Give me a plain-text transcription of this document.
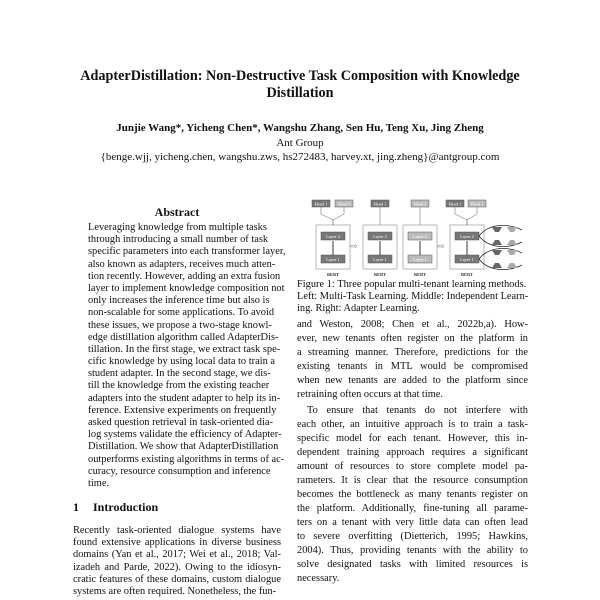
AdapterDistillation: Non-Destructive Task Composition with Knowledge
Distillation
Junjie Wang*, Yicheng Chen*, Wangshu Zhang, Sen Hu, Teng Xu, Jing Zheng
Ant Group
{benge.wjj, yicheng.chen, wangshu.zws, hs272483, harvey.xt, jing.zheng}@antgroup.com
Abstract
Leveraging knowledge from multiple tasks
through introducing a small number of task
specific parameters into each transformer layer,
also known as adapters, receives much atten-
tion recently. However, adding an extra fusion
layer to implement knowledge composition not
only increases the inference time but also is
non-scalable for some applications. To avoid
these issues, we propose a two-stage knowl-
edge distillation algorithm called AdapterDis-
tillation. In the first stage, we extract task spe-
cific knowledge by using local data to train a
student adapter. In the second stage, we dis-
till the knowledge from the existing teacher
adapters into the student adapter to help its in-
ference. Extensive experiments on frequently
asked question retrieval in task-oriented dia-
log systems validate the efficiency of Adapter-
Distillation. We show that AdapterDistillation
outperforms existing algorithms in terms of ac-
curacy, resource consumption and inference
time.
1 Introduction
Recently task-oriented dialogue systems have
found extensive applications in diverse business
domains (Yan et al., 2017; Wei et al., 2018; Val-
izadeh and Parde, 2022). Owing to the idiosyn-
cratic features of these domains, custom dialogue
systems are often required. Nonetheless, the fun-
Layer 2
Layer 1
BERT
Layer 2
Layer 1
BERT
Layer 2
Layer 1
BERT
Layer 2
Layer 1
BERT
Head 1 Head 2	Head 1	Head 2	Head 1 Head 2
⇨	⇨
Figure 1: Three popular multi-tenant learning methods.
Left: Multi-Task Learning. Middle: Independent Learn-
ing. Right: Adapter Learning.
and Weston, 2008; Chen et al., 2022b,a). How-
ever, new tenants often register on the platform in
a streaming manner. Therefore, predictions for the
existing tenants in MTL would be compromised
when new tenants are added to the platform since
retraining often occurs at that time.
To ensure that tenants do not interfere with
each other, an intuitive approach is to train a task-
specific model for each tenant. However, this in-
dependent training approach requires a significant
amount of resources to store complete model pa-
rameters. It is clear that the resource consumption
becomes the bottleneck as many tenants register on
the platform. Additionally, fine-tuning all parame-
ters on a tenant with very little data can often lead
to severe overfitting (Dietterich, 1995; Hawkins,
2004). Thus, providing tenants with the ability to
solve designated tasks with limited resources is
necessary.
